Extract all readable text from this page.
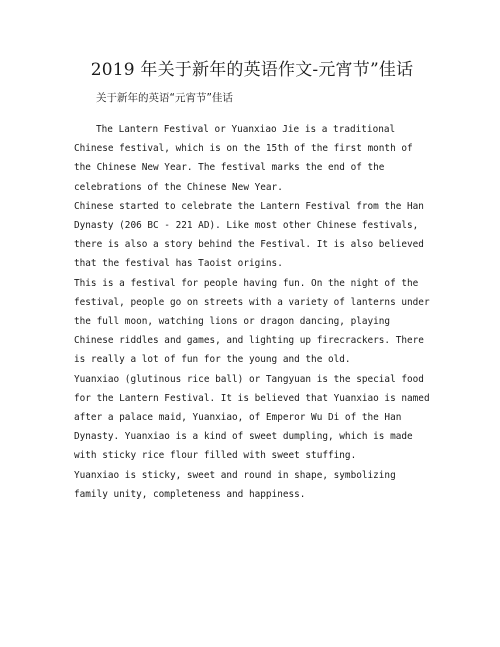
2019 年关于新年的英语作文-元宵节”佳话
关于新年的英语“元宵节”佳话

The Lantern Festival or Yuanxiao Jie is a traditional Chinese festival, which is on the 15th of the first month of the Chinese New Year. The festival marks the end of the celebrations of the Chinese New Year.

Chinese started to celebrate the Lantern Festival from the Han Dynasty (206 BC - 221 AD). Like most other Chinese festivals, there is also a story behind the Festival. It is also believed that the festival has Taoist origins.

This is a festival for people having fun. On the night of the festival, people go on streets with a variety of lanterns under the full moon, watching lions or dragon dancing, playing Chinese riddles and games, and lighting up firecrackers. There is really a lot of fun for the young and the old.

Yuanxiao (glutinous rice ball) or Tangyuan is the special food for the Lantern Festival. It is believed that Yuanxiao is named after a palace maid, Yuanxiao, of Emperor Wu Di of the Han Dynasty. Yuanxiao is a kind of sweet dumpling, which is made with sticky rice flour filled with sweet stuffing.

Yuanxiao is sticky, sweet and round in shape, symbolizing family unity, completeness and happiness.
